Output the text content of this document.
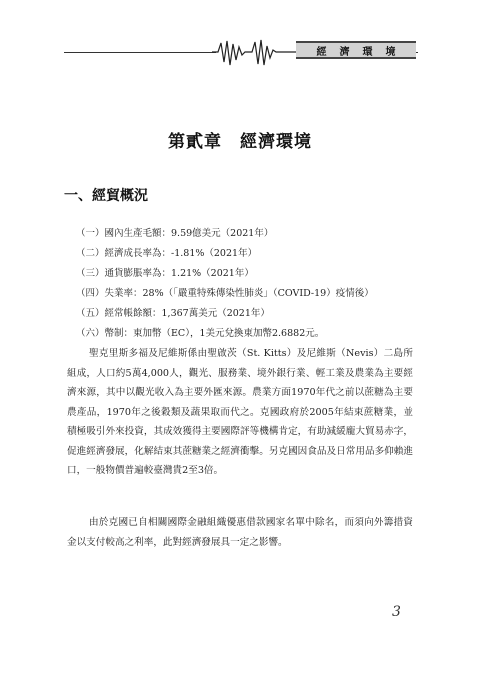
經 濟 環 境
第貳章　經濟環境
一、經貿概況
（一）國內生產毛額：9.59億美元（2021年）
（二）經濟成長率為：-1.81%（2021年）
（三）通貨膨脹率為：1.21%（2021年）
（四）失業率：28%（「嚴重特殊傳染性肺炎」（COVID-19）疫情後）
（五）經常帳餘額：1,367萬美元（2021年）
（六）幣制：東加幣（EC），1美元兌換東加幣2.6882元。

聖克里斯多福及尼維斯係由聖啟茨（St. Kitts）及尼維斯（Nevis）二島所組成，人口約5萬4,000人，觀光、服務業、境外銀行業、輕工業及農業為主要經濟來源，其中以觀光收入為主要外匯來源。農業方面1970年代之前以蔗糖為主要農產品，1970年之後穀類及蔬果取而代之。克國政府於2005年結束蔗糖業，並積極吸引外來投資，其成效獲得主要國際評等機構肯定，有助減緩龐大貿易赤字，促進經濟發展，化解結束其蔗糖業之經濟衝擊。另克國因食品及日常用品多仰賴進口，一般物價普遍較臺灣貴2至3倍。

由於克國已自相關國際金融組織優惠借款國家名單中除名，而須向外籌措資金以支付較高之利率，此對經濟發展具一定之影響。

3
